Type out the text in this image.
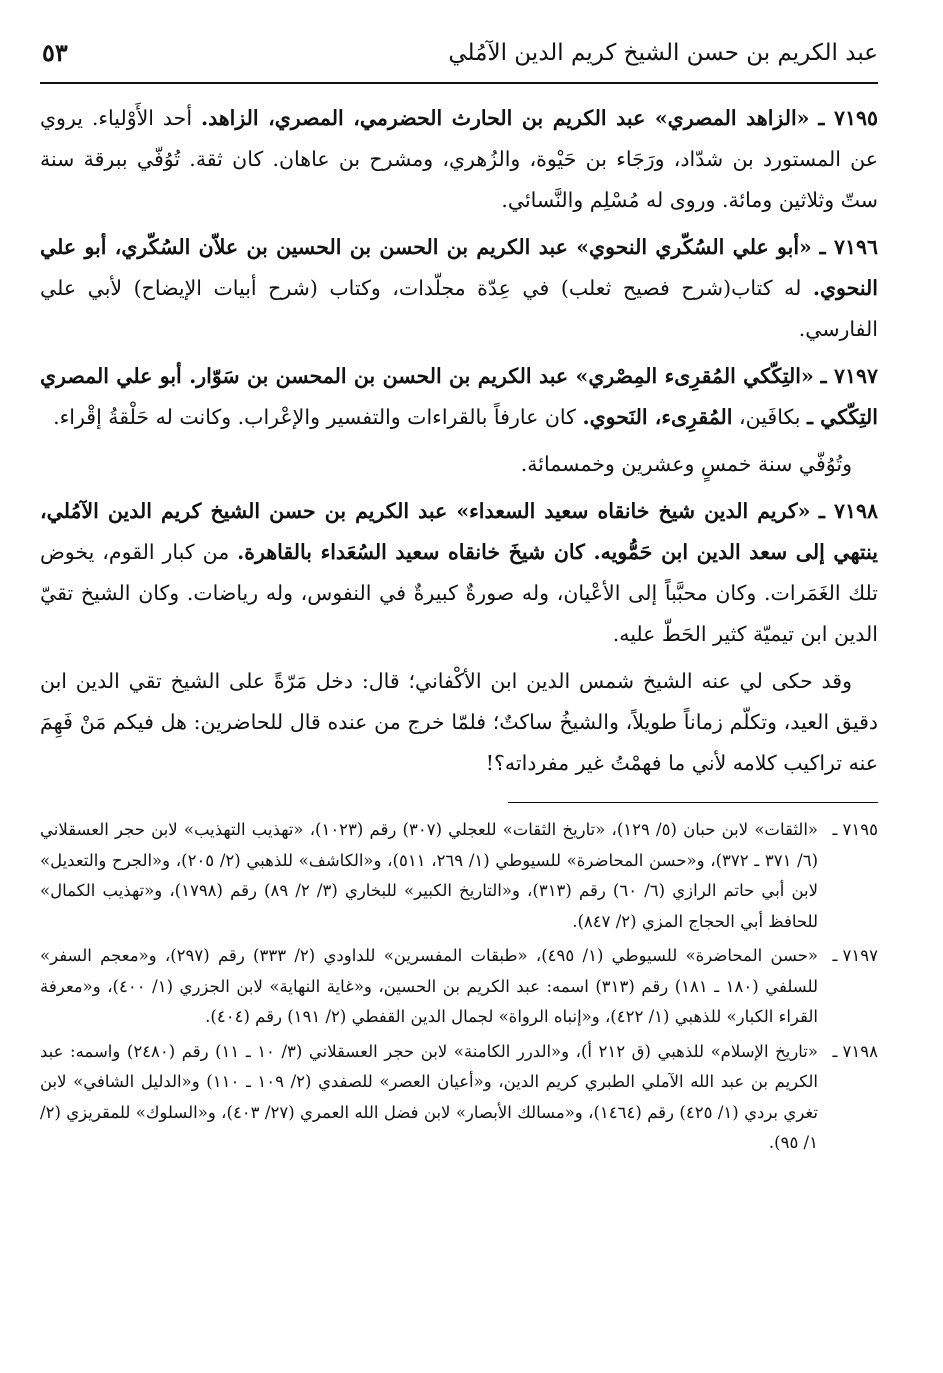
عبد الكريم بن حسن الشيخ كريم الدين الآمُلي
٥٣

٧١٩٥ ـ «الزاهد المصري» عبد الكريم بن الحارث الحضرمي، المصري، الزاهد. أحد الأَوْلياء. يروي عن المستورد بن شدّاد، ورَجَاء بن حَيْوة، والزُهري، ومشرح بن عاهان. كان ثقة. تُوُفّي ببرقة سنة ستّ وثلاثين ومائة. وروى له مُسْلِم والنَّسائي.

٧١٩٦ ـ «أبو علي السُكّري النحوي» عبد الكريم بن الحسن بن الحسين بن علاّن السُكّري، أبو علي النحوي. له كتاب(شرح فصيح ثعلب) في عِدّة مجلّدات، وكتاب (شرح أبيات الإيضاح) لأبي علي الفارسي.

٧١٩٧ ـ «التِكّكي المُقرِىء المِصْري» عبد الكريم بن الحسن بن المحسن بن سَوّار. أبو علي المصري التِكّكي ـ بكافَين، المُقرِىء، النَحوي. كان عارفاً بالقراءات والتفسير والإعْراب. وكانت له حَلْقةُ إقْراء.

وتُوُفّي سنة خمسٍ وعشرين وخمسمائة.

٧١٩٨ ـ «كريم الدين شيخ خانقاه سعيد السعداء» عبد الكريم بن حسن الشيخ كريم الدين الآمُلي، ينتهي إلى سعد الدين ابن حَمُّويه. كان شيخَ خانقاه سعيد السُعَداء بالقاهرة. من كبار القوم، يخوض تلك الغَمَرات. وكان محبَّباً إلى الأعْيان، وله صورةٌ كبيرةٌ في النفوس، وله رياضات. وكان الشيخ تقيّ الدين ابن تيميّة كثير الحَطّ عليه.

وقد حكى لي عنه الشيخ شمس الدين ابن الأكْفاني؛ قال: دخل مَرّةً على الشيخ تقي الدين ابن دقيق العيد، وتكلّم زماناً طويلاً، والشيخُ ساكتٌ؛ فلمّا خرج من عنده قال للحاضرين: هل فيكم مَنْ فَهِمَ عنه تراكيب كلامه لأني ما فهمْتُ غير مفرداته؟!

٧١٩٥ ـ
«الثقات» لابن حبان (٥/ ١٢٩)، «تاريخ الثقات» للعجلي (٣٠٧) رقم (١٠٢٣)، «تهذيب التهذيب» لابن حجر العسقلاني (٦/ ٣٧١ ـ ٣٧٢)، و«حسن المحاضرة» للسيوطي (١/ ٢٦٩، ٥١١)، و«الكاشف» للذهبي (٢/ ٢٠٥)، و«الجرح والتعديل» لابن أبي حاتم الرازي (٦/ ٦٠) رقم (٣١٣)، و«التاريخ الكبير» للبخاري (٣/ ٢/ ٨٩) رقم (١٧٩٨)، و«تهذيب الكمال» للحافظ أبي الحجاج المزي (٢/ ٨٤٧).

٧١٩٧ ـ
«حسن المحاضرة» للسيوطي (١/ ٤٩٥)، «طبقات المفسرين» للداودي (٢/ ٣٣٣) رقم (٢٩٧)، و«معجم السفر» للسلفي (١٨٠ ـ ١٨١) رقم (٣١٣) اسمه: عبد الكريم بن الحسين، و«غاية النهاية» لابن الجزري (١/ ٤٠٠)، و«معرفة القراء الكبار» للذهبي (١/ ٤٢٢)، و«إنباه الرواة» لجمال الدين القفطي (٢/ ١٩١) رقم (٤٠٤).

٧١٩٨ ـ
«تاريخ الإسلام» للذهبي (ق ٢١٢ أ)، و«الدرر الكامنة» لابن حجر العسقلاني (٣/ ١٠ ـ ١١) رقم (٢٤٨٠) واسمه: عبد الكريم بن عبد الله الآملي الطبري كريم الدين، و«أعيان العصر» للصفدي (٢/ ١٠٩ ـ ١١٠) و«الدليل الشافي» لابن تغري بردي (١/ ٤٢٥) رقم (١٤٦٤)، و«مسالك الأبصار» لابن فضل الله العمري (٢٧/ ٤٠٣)، و«السلوك» للمقريزي (٢/ ١/ ٩٥).
